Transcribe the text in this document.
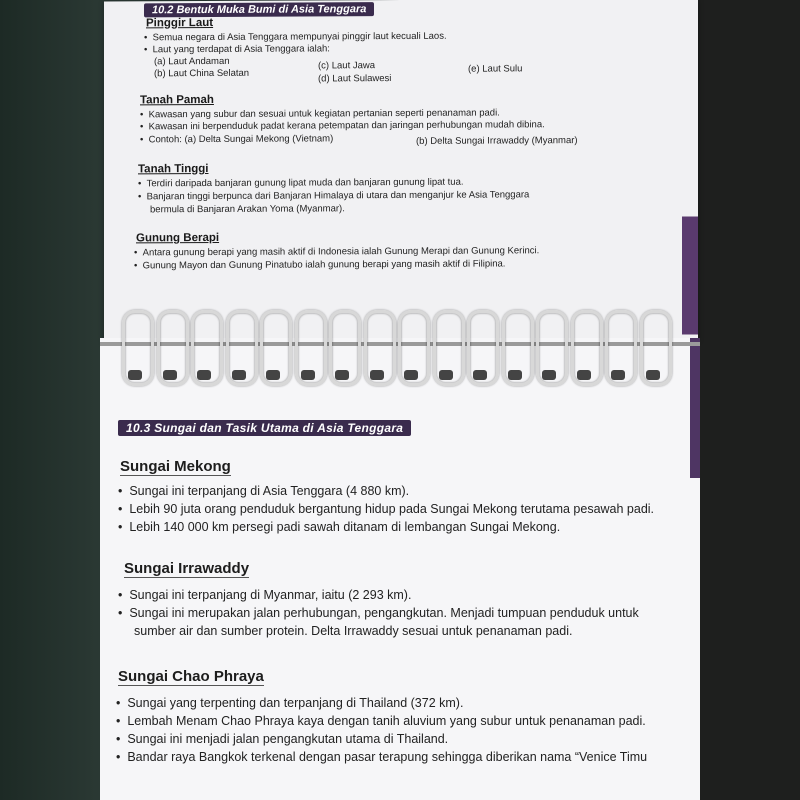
10.2 Bentuk Muka Bumi di Asia Tenggara
Pinggir Laut
•  Semua negara di Asia Tenggara mempunyai pinggir laut kecuali Laos.
•  Laut yang terdapat di Asia Tenggara ialah:
(a) Laut Andaman
(b) Laut China Selatan
(c) Laut Jawa
(d) Laut Sulawesi
(e) Laut Sulu
Tanah Pamah
•  Kawasan yang subur dan sesuai untuk kegiatan pertanian seperti penanaman padi.
•  Kawasan ini berpenduduk padat kerana petempatan dan jaringan perhubungan mudah dibina.
•  Contoh: (a) Delta Sungai Mekong (Vietnam)	(b) Delta Sungai Irrawaddy (Myanmar)
Tanah Tinggi
•  Terdiri daripada banjaran gunung lipat muda dan banjaran gunung lipat tua.
•  Banjaran tinggi berpunca dari Banjaran Himalaya di utara dan menganjur ke Asia Tenggara
bermula di Banjaran Arakan Yoma (Myanmar).
Gunung Berapi
•  Antara gunung berapi yang masih aktif di Indonesia ialah Gunung Merapi dan Gunung Kerinci.
•  Gunung Mayon dan Gunung Pinatubo ialah gunung berapi yang masih aktif di Filipina.
10.3 Sungai dan Tasik Utama di Asia Tenggara
Sungai Mekong
•  Sungai ini terpanjang di Asia Tenggara (4 880 km).
•  Lebih 90 juta orang penduduk bergantung hidup pada Sungai Mekong terutama pesawah padi.
•  Lebih 140 000 km persegi padi sawah ditanam di lembangan Sungai Mekong.
Sungai Irrawaddy
•  Sungai ini terpanjang di Myanmar, iaitu (2 293 km).
•  Sungai ini merupakan jalan perhubungan, pengangkutan. Menjadi tumpuan penduduk untuk
sumber air dan sumber protein. Delta Irrawaddy sesuai untuk penanaman padi.
Sungai Chao Phraya
•  Sungai yang terpenting dan terpanjang di Thailand (372 km).
•  Lembah Menam Chao Phraya kaya dengan tanih aluvium yang subur untuk penanaman padi.
•  Sungai ini menjadi jalan pengangkutan utama di Thailand.
•  Bandar raya Bangkok terkenal dengan pasar terapung sehingga diberikan nama “Venice Timu
